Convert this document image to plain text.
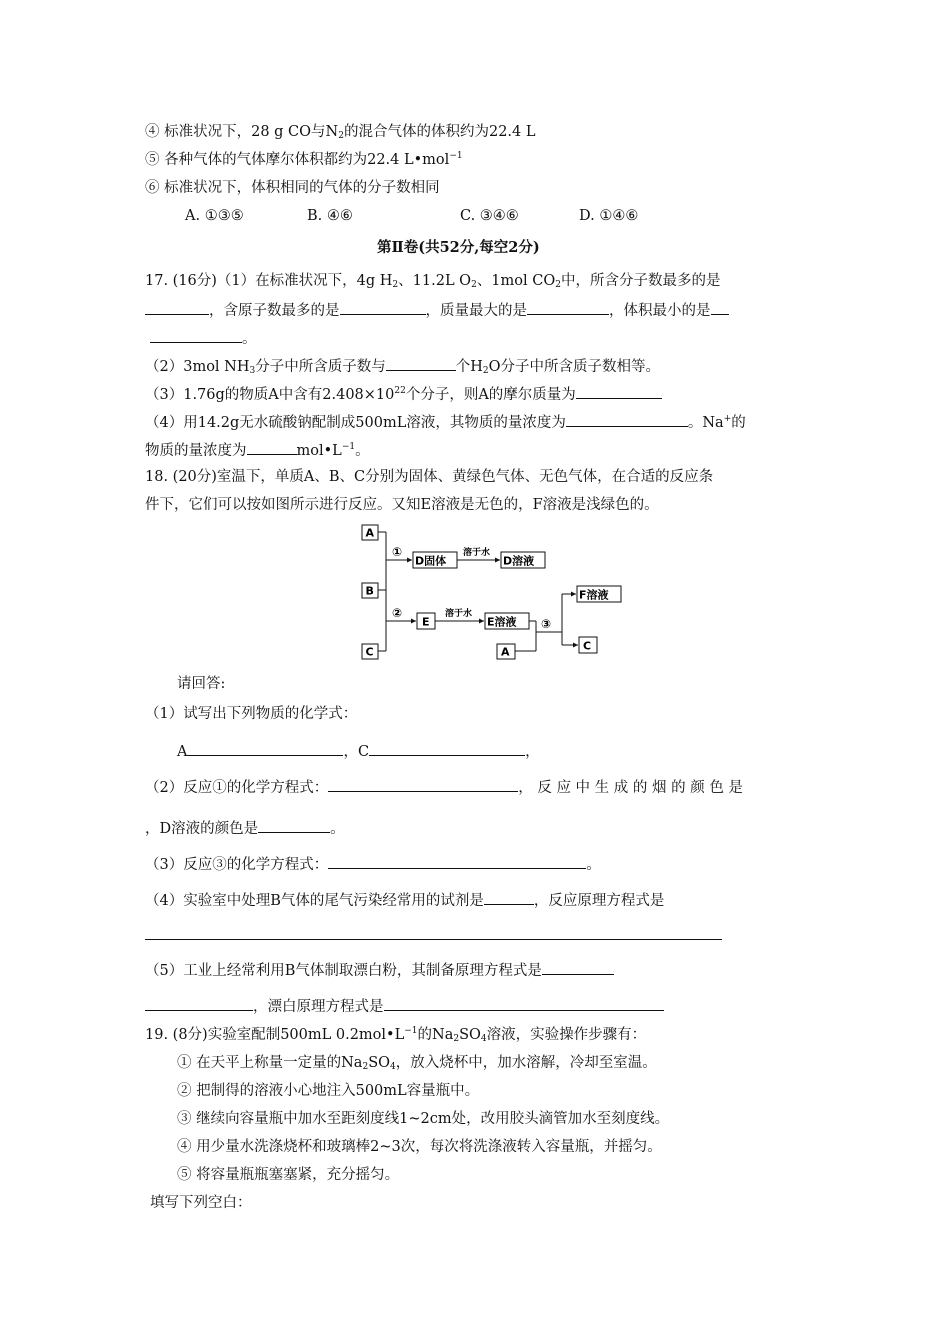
④ 标准状况下，28 g CO与$N_2$的混合气体的体积约为22.4 L
⑤ 各种气体的气体摩尔体积都约为22.4 L•mol$^{-1}$
⑥ 标准状况下，体积相同的气体的分子数相同
A. ①③⑤	B. ④⑥	C. ③④⑥	D. ①④⑥
第Ⅱ卷(共52分,每空2分)
17. (16分)（1）在标准状况下，4g $H_2$、11.2L $O_2$、1mol $CO_2$中，所含分子数最多的是
，含原子数最多的是	，质量最大的是	，体积最小的是
。
（2）3mol $NH_3$分子中所含质子数与	个$H_2O$分子中所含质子数相等。
（3）1.76g的物质A中含有$2.408\times 10^{22}$个分子，则A的摩尔质量为
（4）用14.2g无水硫酸钠配制成500mL溶液，其物质的量浓度为	。Na+的
物质的量浓度为	$mol•L^{-1}$。
18. (20分)室温下，单质A、B、C分别为固体、黄绿色气体、无色气体，在合适的反应条
件下，它们可以按如图所示进行反应。又知E溶液是无色的，F溶液是浅绿色的。
A
B
C
①
②
③
D固体	D溶液
溶于水
E
溶于水
E溶液
A
F溶液
C
请回答:
（1）试写出下列物质的化学式：
A	，C	，
（2）反应①的化学方程式：	， 反 应 中 生 成 的 烟 的 颜 色 是
，D溶液的颜色是	。
（3）反应③的化学方程式：	。
（4）实验室中处理B气体的尾气污染经常用的试剂是	，反应原理方程式是
（5）工业上经常利用B气体制取漂白粉，其制备原理方程式是
，漂白原理方程式是
19. (8分)实验室配制500mL $0.2mol•L^{-1}$的$Na_2SO_4$溶液，实验操作步骤有：
① 在天平上称量一定量的$Na_2SO_4$，放入烧杯中，加水溶解，冷却至室温。
② 把制得的溶液小心地注入500mL容量瓶中。
③ 继续向容量瓶中加水至距刻度线1~2cm处，改用胶头滴管加水至刻度线。
④ 用少量水洗涤烧杯和玻璃棒2~3次，每次将洗涤液转入容量瓶，并摇匀。
⑤ 将容量瓶瓶塞塞紧，充分摇匀。
填写下列空白：
